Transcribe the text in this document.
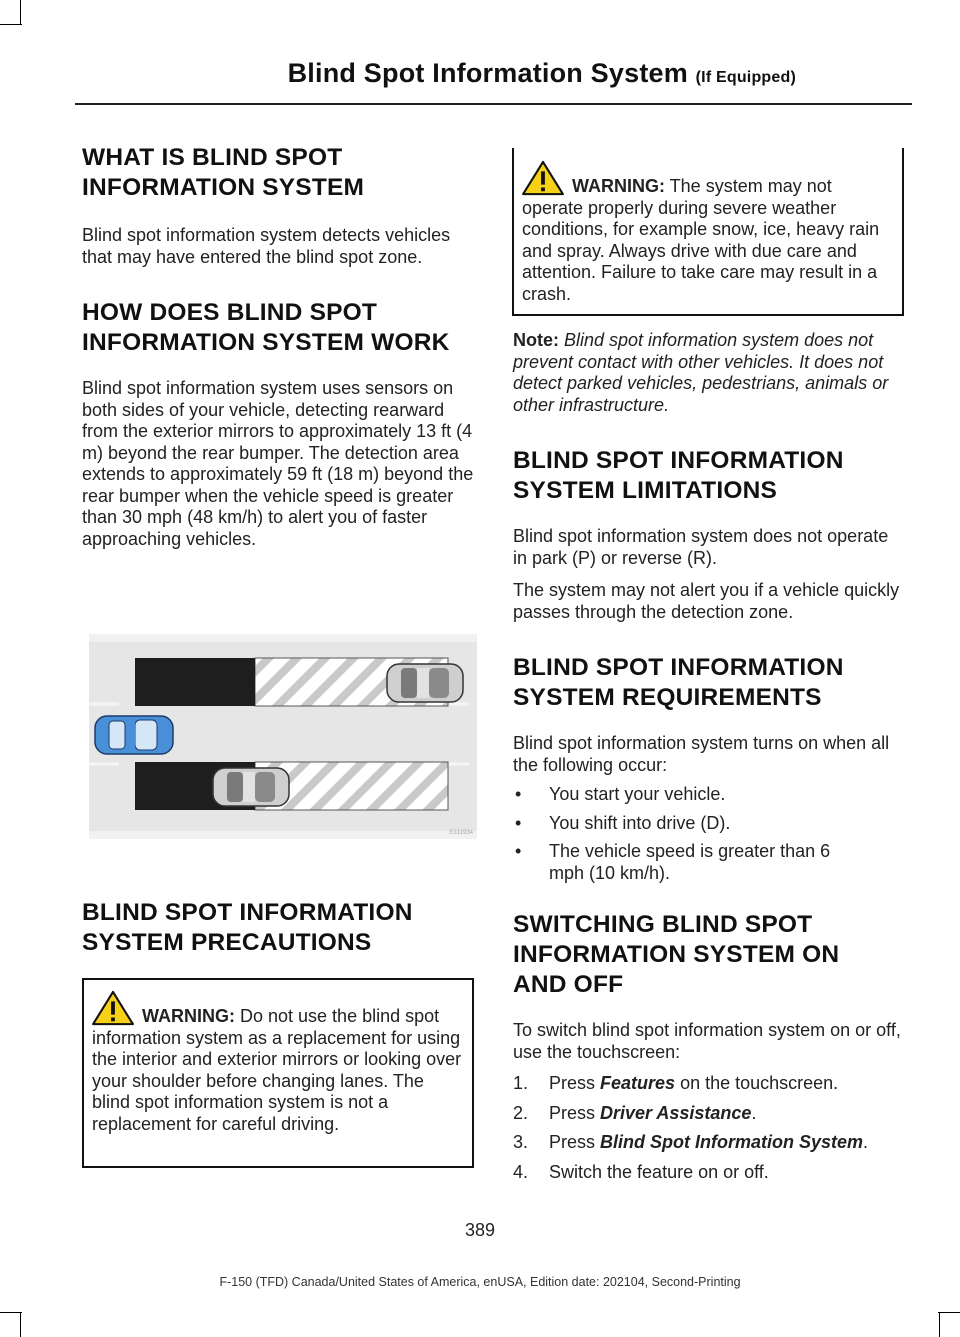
Blind Spot Information System (If Equipped)
WHAT IS BLIND SPOT
INFORMATION SYSTEM

Blind spot information system detects vehicles that may have entered the blind spot zone.

HOW DOES BLIND SPOT
INFORMATION SYSTEM WORK

Blind spot information system uses sensors on both sides of your vehicle, detecting rearward from the exterior mirrors to approximately 13 ft (4 m) beyond the rear bumper. The detection area extends to approximately 59 ft (18 m) beyond the rear bumper when the vehicle speed is greater than 30 mph (48 km/h) to alert you of faster approaching vehicles.

E311934
BLIND SPOT INFORMATION
SYSTEM PRECAUTIONS

WARNING: Do not use the blind spot information system as a replacement for using the interior and exterior mirrors or looking over your shoulder before changing lanes. The blind spot information system is not a replacement for careful driving.

WARNING: The system may not operate properly during severe weather conditions, for example snow, ice, heavy rain and spray. Always drive with due care and attention. Failure to take care may result in a crash.

Note: Blind spot information system does not prevent contact with other vehicles. It does not detect parked vehicles, pedestrians, animals or other infrastructure.

BLIND SPOT INFORMATION
SYSTEM LIMITATIONS

Blind spot information system does not operate in park (P) or reverse (R).

The system may not alert you if a vehicle quickly passes through the detection zone.

BLIND SPOT INFORMATION
SYSTEM REQUIREMENTS

Blind spot information system turns on when all the following occur:

• You start your vehicle.
• You shift into drive (D).
• The vehicle speed is greater than 6 mph (10 km/h).
SWITCHING BLIND SPOT
INFORMATION SYSTEM ON
AND OFF

To switch blind spot information system on or off, use the touchscreen:

1. Press Features on the touchscreen.
2. Press Driver Assistance.
3. Press Blind Spot Information System.
4. Switch the feature on or off.
389
F-150 (TFD) Canada/United States of America, enUSA, Edition date: 202104, Second-Printing
